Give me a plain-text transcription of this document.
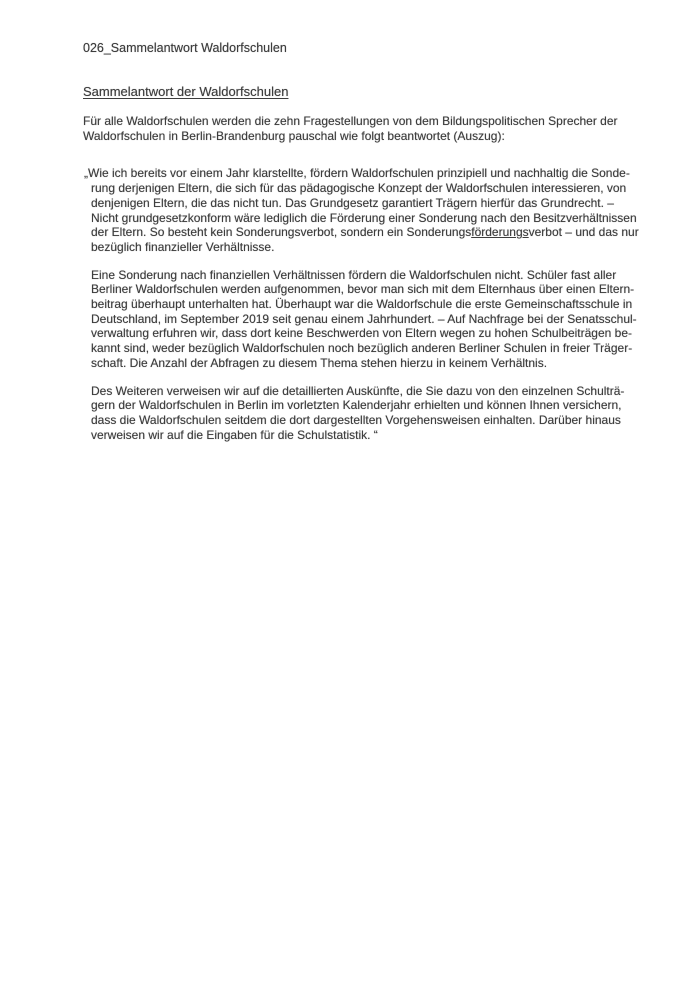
026_Sammelantwort Waldorfschulen
Sammelantwort der Waldorfschulen
Für alle Waldorfschulen werden die zehn Fragestellungen von dem Bildungspolitischen Sprecher der
Waldorfschulen in Berlin-Brandenburg pauschal wie folgt beantwortet (Auszug):
„Wie ich bereits vor einem Jahr klarstellte, fördern Waldorfschulen prinzipiell und nachhaltig die Sonde-
rung derjenigen Eltern, die sich für das pädagogische Konzept der Waldorfschulen interessieren, von
denjenigen Eltern, die das nicht tun. Das Grundgesetz garantiert Trägern hierfür das Grundrecht. –
Nicht grundgesetzkonform wäre lediglich die Förderung einer Sonderung nach den Besitzverhältnissen
der Eltern. So besteht kein Sonderungsverbot, sondern ein Sonderungsförderungsverbot – und das nur
bezüglich finanzieller Verhältnisse.
Eine Sonderung nach finanziellen Verhältnissen fördern die Waldorfschulen nicht. Schüler fast aller
Berliner Waldorfschulen werden aufgenommen, bevor man sich mit dem Elternhaus über einen Eltern-
beitrag überhaupt unterhalten hat. Überhaupt war die Waldorfschule die erste Gemeinschaftsschule in
Deutschland, im September 2019 seit genau einem Jahrhundert. – Auf Nachfrage bei der Senatsschul-
verwaltung erfuhren wir, dass dort keine Beschwerden von Eltern wegen zu hohen Schulbeiträgen be-
kannt sind, weder bezüglich Waldorfschulen noch bezüglich anderen Berliner Schulen in freier Träger-
schaft. Die Anzahl der Abfragen zu diesem Thema stehen hierzu in keinem Verhältnis.
Des Weiteren verweisen wir auf die detaillierten Auskünfte, die Sie dazu von den einzelnen Schulträ-
gern der Waldorfschulen in Berlin im vorletzten Kalenderjahr erhielten und können Ihnen versichern,
dass die Waldorfschulen seitdem die dort dargestellten Vorgehensweisen einhalten. Darüber hinaus
verweisen wir auf die Eingaben für die Schulstatistik. “
